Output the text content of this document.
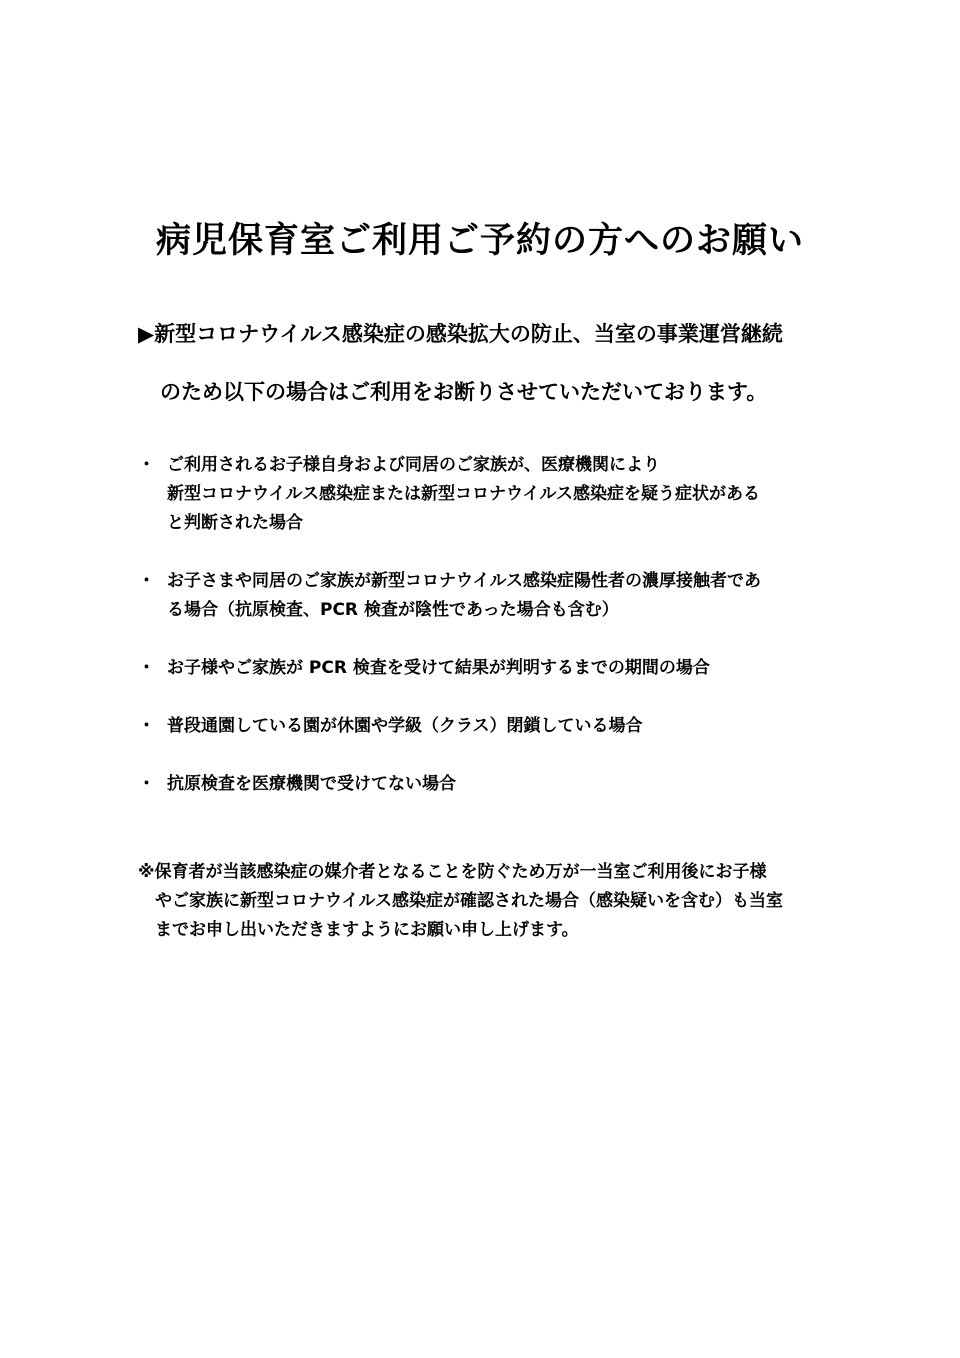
病児保育室ご利用ご予約の方へのお願い
▶新型コロナウイルス感染症の感染拡大の防止、当室の事業運営継続
のため以下の場合はご利用をお断りさせていただいております。
・ ご利用されるお子様自身および同居のご家族が、医療機関により
新型コロナウイルス感染症または新型コロナウイルス感染症を疑う症状がある
と判断された場合
・ お子さまや同居のご家族が新型コロナウイルス感染症陽性者の濃厚接触者であ
る場合（抗原検査、PCR 検査が陰性であった場合も含む）
・ お子様やご家族が PCR 検査を受けて結果が判明するまでの期間の場合
・ 普段通園している園が休園や学級（クラス）閉鎖している場合
・ 抗原検査を医療機関で受けてない場合
※保育者が当該感染症の媒介者となることを防ぐため万が一当室ご利用後にお子様
やご家族に新型コロナウイルス感染症が確認された場合（感染疑いを含む）も当室
までお申し出いただきますようにお願い申し上げます。
